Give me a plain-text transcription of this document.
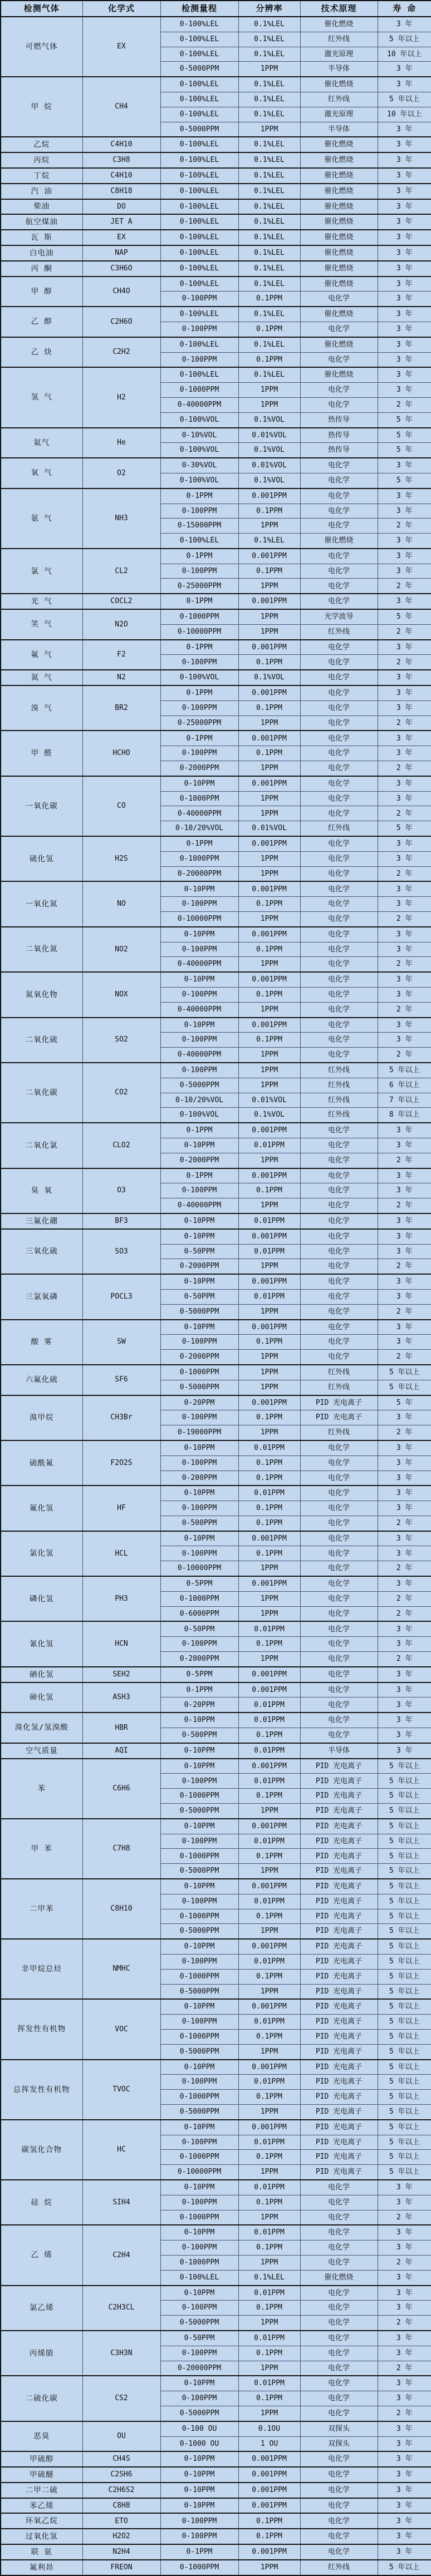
检测气体	化学式	检测量程	分辨率	技术原理	寿 命
可燃气体	EX	0-100%LEL	0.1%LEL	催化燃烧	3 年
		0-100%LEL	0.1%LEL	红外线	5 年以上
		0-100%LEL	0.1%LEL	激光原理	10 年以上
		0-5000PPM	1PPM	半导体	3 年
甲 烷	CH4	0-100%LEL	0.1%LEL	催化燃烧	3 年
		0-100%LEL	0.1%LEL	红外线	5 年以上
		0-100%LEL	0.1%LEL	激光原理	10 年以上
		0-5000PPM	1PPM	半导体	3 年
乙烷	C4H10	0-100%LEL	0.1%LEL	催化燃烧	3 年
丙烷	C3H8	0-100%LEL	0.1%LEL	催化燃烧	3 年
丁烷	C4H10	0-100%LEL	0.1%LEL	催化燃烧	3 年
汽 油	C8H18	0-100%LEL	0.1%LEL	催化燃烧	3 年
柴油	DO	0-100%LEL	0.1%LEL	催化燃烧	3 年
航空煤油	JET A	0-100%LEL	0.1%LEL	催化燃烧	3 年
瓦 斯	EX	0-100%LEL	0.1%LEL	催化燃烧	3 年
白电油	NAP	0-100%LEL	0.1%LEL	催化燃烧	3 年
丙 酮	C3H6O	0-100%LEL	0.1%LEL	催化燃烧	3 年
甲 醇	CH4O	0-100%LEL	0.1%LEL	催化燃烧	3 年
		0-100PPM	0.1PPM	电化学	3 年
乙 醇	C2H6O	0-100%LEL	0.1%LEL	催化燃烧	3 年
		0-100PPM	0.1PPM	电化学	3 年
乙 炔	C2H2	0-100%LEL	0.1%LEL	催化燃烧	3 年
		0-100PPM	0.1PPM	电化学	3 年
氢 气	H2	0-100%LEL	0.1%LEL	催化燃烧	3 年
		0-1000PPM	1PPM	电化学	3 年
		0-40000PPM	1PPM	电化学	2 年
		0-100%VOL	0.1%VOL	热传导	5 年
氦气	He	0-10%VOL	0.01%VOL	热传导	5 年
		0-100%VOL	0.1%VOL	热传导	5 年
氧 气	O2	0-30%VOL	0.01%VOL	电化学	3 年
		0-100%VOL	0.1%VOL	电化学	5 年
氨 气	NH3	0-1PPM	0.001PPM	电化学	3 年
		0-100PPM	0.1PPM	电化学	3 年
		0-15000PPM	1PPM	电化学	2 年
		0-100%LEL	0.1%LEL	催化燃烧	3 年
氯 气	CL2	0-1PPM	0.001PPM	电化学	3 年
		0-100PPM	0.1PPM	电化学	3 年
		0-25000PPM	1PPM	电化学	2 年
光 气	COCL2	0-1PPM	0.001PPM	电化学	3 年
笑 气	N2O	0-1000PPM	1PPM	光学波导	5 年
		0-10000PPM	1PPM	红外线	2 年
氟 气	F2	0-1PPM	0.001PPM	电化学	3 年
		0-100PPM	0.1PPM	电化学	2 年
氮 气	N2	0-100%VOL	0.1%VOL	电化学	3 年
溴 气	BR2	0-1PPM	0.001PPM	电化学	3 年
		0-100PPM	0.1PPM	电化学	3 年
		0-25000PPM	1PPM	电化学	2 年
甲 醛	HCHO	0-1PPM	0.001PPM	电化学	3 年
		0-100PPM	0.1PPM	电化学	3 年
		0-2000PPM	1PPM	电化学	2 年
一氧化碳	CO	0-10PPM	0.001PPM	电化学	3 年
		0-1000PPM	1PPM	电化学	3 年
		0-40000PPM	1PPM	电化学	2 年
		0-10/20%VOL	0.01%VOL	红外线	5 年
硫化氢	H2S	0-1PPM	0.001PPM	电化学	3 年
		0-1000PPM	1PPM	电化学	3 年
		0-20000PPM	1PPM	电化学	2 年
一氧化氮	NO	0-10PPM	0.001PPM	电化学	3 年
		0-100PPM	0.1PPM	电化学	3 年
		0-10000PPM	1PPM	电化学	2 年
二氧化氮	NO2	0-10PPM	0.001PPM	电化学	3 年
		0-100PPM	0.1PPM	电化学	3 年
		0-40000PPM	1PPM	电化学	2 年
氮氧化物	NOX	0-10PPM	0.001PPM	电化学	3 年
		0-100PPM	0.1PPM	电化学	3 年
		0-40000PPM	1PPM	电化学	2 年
二氧化硫	SO2	0-10PPM	0.001PPM	电化学	3 年
		0-100PPM	0.1PPM	电化学	3 年
		0-40000PPM	1PPM	电化学	2 年
二氧化碳	CO2	0-100PPM	1PPM	红外线	5 年以上
		0-5000PPM	1PPM	红外线	6 年以上
		0-10/20%VOL	0.01%VOL	红外线	7 年以上
		0-100%VOL	0.1%VOL	红外线	8 年以上
二氧化氯	CLO2	0-1PPM	0.001PPM	电化学	3 年
		0-10PPM	0.01PPM	电化学	3 年
		0-2000PPM	1PPM	电化学	2 年
臭 氧	O3	0-1PPM	0.001PPM	电化学	3 年
		0-100PPM	0.1PPM	电化学	3 年
		0-40000PPM	1PPM	电化学	2 年
三氟化硼	BF3	0-10PPM	0.01PPM	电化学	3 年
三氧化硫	SO3	0-10PPM	0.001PPM	电化学	3 年
		0-50PPM	0.01PPM	电化学	3 年
		0-2000PPM	1PPM	电化学	2 年
三氯氧磷	POCL3	0-10PPM	0.001PPM	电化学	3 年
		0-50PPM	0.01PPM	电化学	3 年
		0-5000PPM	1PPM	电化学	2 年
酸 雾	SW	0-10PPM	0.001PPM	电化学	3 年
		0-100PPM	0.1PPM	电化学	3 年
		0-2000PPM	1PPM	电化学	2 年
六氟化硫	SF6	0-1000PPM	1PPM	红外线	5 年以上
		0-5000PPM	1PPM	红外线	5 年以上
溴甲烷	CH3Br	0-20PPM	0.001PPM	PID 光电离子	5 年
		0-100PPM	0.1PPM	PID 光电离子	3 年
		0-19000PPM	1PPM	红外线	2 年
硫酰氟	F2O2S	0-10PPM	0.01PPM	电化学	3 年
		0-100PPM	0.1PPM	电化学	3 年
		0-200PPM	0.1PPM	电化学	3 年
氟化氢	HF	0-10PPM	0.01PPM	电化学	3 年
		0-100PPM	0.1PPM	电化学	3 年
		0-500PPM	0.1PPM	电化学	2 年
氯化氢	HCL	0-10PPM	0.001PPM	电化学	3 年
		0-100PPM	0.1PPM	电化学	3 年
		0-10000PPM	1PPM	电化学	2 年
磷化氢	PH3	0-5PPM	0.001PPM	电化学	3 年
		0-1000PPM	1PPM	电化学	2 年
		0-6000PPM	1PPM	电化学	2 年
氰化氢	HCN	0-50PPM	0.01PPM	电化学	3 年
		0-100PPM	0.1PPM	电化学	3 年
		0-2000PPM	1PPM	电化学	2 年
硒化氢	SEH2	0-5PPM	0.001PPM	电化学	3 年
砷化氢	ASH3	0-1PPM	0.001PPM	电化学	3 年
		0-20PPM	0.01PPM	电化学	3 年
溴化氢/氢溴酸	HBR	0-10PPM	0.01PPM	电化学	3 年
		0-500PPM	0.1PPM	电化学	3 年
空气质量	AQI	0-10PPM	0.01PPM	半导体	3 年
苯	C6H6	0-10PPM	0.001PPM	PID 光电离子	5 年以上
		0-100PPM	0.01PPM	PID 光电离子	5 年以上
		0-1000PPM	0.1PPM	PID 光电离子	5 年以上
		0-5000PPM	1PPM	PID 光电离子	5 年以上
甲 苯	C7H8	0-10PPM	0.001PPM	PID 光电离子	5 年以上
		0-100PPM	0.01PPM	PID 光电离子	5 年以上
		0-1000PPM	0.1PPM	PID 光电离子	5 年以上
		0-5000PPM	1PPM	PID 光电离子	5 年以上
二甲苯	C8H10	0-10PPM	0.001PPM	PID 光电离子	5 年以上
		0-100PPM	0.01PPM	PID 光电离子	5 年以上
		0-1000PPM	0.1PPM	PID 光电离子	5 年以上
		0-5000PPM	1PPM	PID 光电离子	5 年以上
非甲烷总烃	NMHC	0-10PPM	0.001PPM	PID 光电离子	5 年以上
		0-100PPM	0.01PPM	PID 光电离子	5 年以上
		0-1000PPM	0.1PPM	PID 光电离子	5 年以上
		0-5000PPM	1PPM	PID 光电离子	5 年以上
挥发性有机物	VOC	0-10PPM	0.001PPM	PID 光电离子	5 年以上
		0-100PPM	0.01PPM	PID 光电离子	5 年以上
		0-1000PPM	0.1PPM	PID 光电离子	5 年以上
		0-5000PPM	1PPM	PID 光电离子	5 年以上
总挥发性有机物	TVOC	0-10PPM	0.001PPM	PID 光电离子	5 年以上
		0-100PPM	0.01PPM	PID 光电离子	5 年以上
		0-1000PPM	0.1PPM	PID 光电离子	5 年以上
		0-5000PPM	1PPM	PID 光电离子	5 年以上
碳氢化合物	HC	0-10PPM	0.001PPM	PID 光电离子	5 年以上
		0-100PPM	0.01PPM	PID 光电离子	5 年以上
		0-1000PPM	0.1PPM	PID 光电离子	5 年以上
		0-10000PPM	1PPM	PID 光电离子	5 年以上
硅 烷	SIH4	0-10PPM	0.01PPM	电化学	3 年
		0-100PPM	0.1PPM	电化学	3 年
		0-1000PPM	1PPM	电化学	2 年
乙 烯	C2H4	0-10PPM	0.01PPM	电化学	3 年
		0-100PPM	0.1PPM	电化学	3 年
		0-1000PPM	1PPM	电化学	2 年
		0-100%LEL	0.1%LEL	催化燃烧	3 年
氯乙烯	C2H3CL	0-10PPM	0.01PPM	电化学	3 年
		0-100PPM	0.1PPM	电化学	3 年
		0-5000PPM	1PPM	电化学	2 年
丙烯腈	C3H3N	0-50PPM	0.01PPM	电化学	3 年
		0-100PPM	0.1PPM	电化学	3 年
		0-20000PPM	1PPM	电化学	2 年
二硫化碳	CS2	0-10PPM	0.01PPM	电化学	3 年
		0-100PPM	0.1PPM	电化学	3 年
		0-5000PPM	1PPM	电化学	2 年
恶臭	OU	0-100 OU	0.1OU	双探头	3 年
		0-1000 OU	1 OU	双探头	3 年
甲硫醇	CH4S	0-10PPM	0.001PPM	电化学	3 年
甲硫醚	C2SH6	0-10PPM	0.001PPM	电化学	3 年
二甲二硫	C2H6S2	0-10PPM	0.001PPM	电化学	3 年
苯乙烯	C8H8	0-10PPM	0.001PPM	电化学	3 年
环氧乙烷	ETO	0-100PPM	0.1PPM	电化学	3 年
过氧化氢	H2O2	0-100PPM	0.1PPM	电化学	3 年
联 氨	N2H4	0-1PPM	0.001PPM	电化学	3 年
氟利昂	FREON	0-1000PPM	1PPM	红外线	5 年以上
